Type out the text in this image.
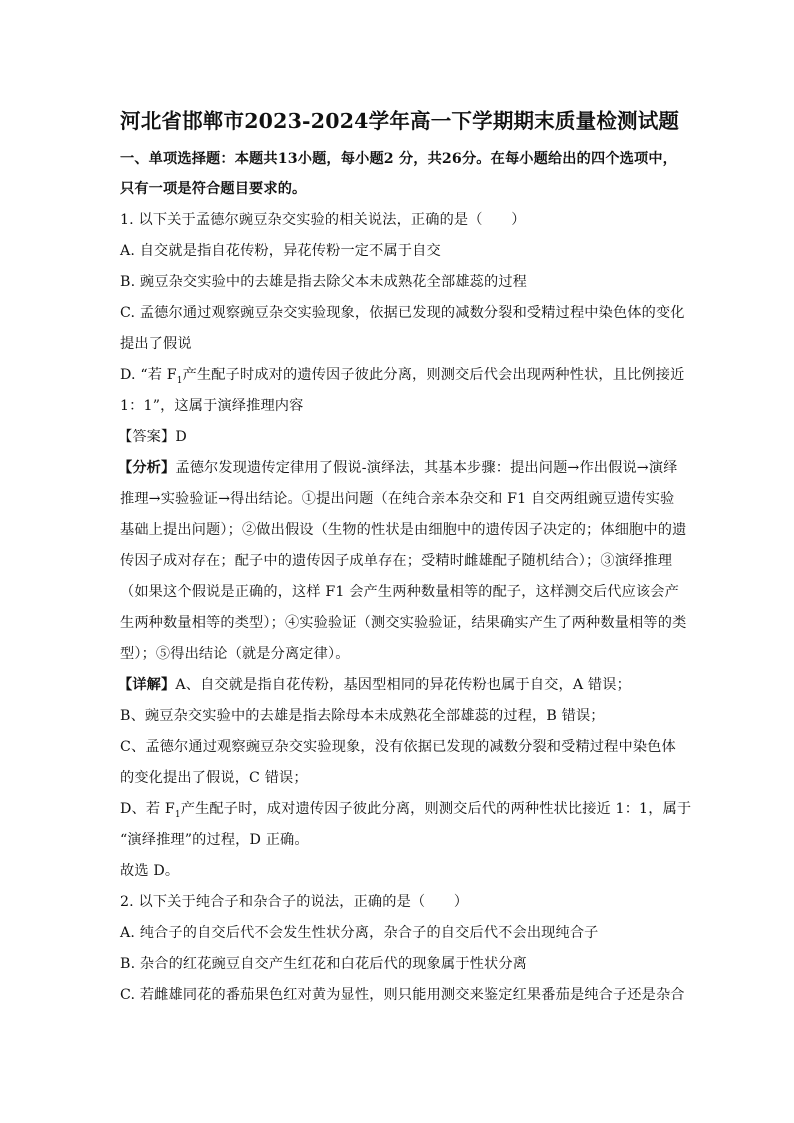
河北省邯郸市2023-2024学年高一下学期期末质量检测试题
一、单项选择题：本题共13小题，每小题2 分，共26分。在每小题给出的四个选项中，
只有一项是符合题目要求的。
1. 以下关于孟德尔豌豆杂交实验的相关说法，正确的是（　　）
A. 自交就是指自花传粉，异花传粉一定不属于自交
B. 豌豆杂交实验中的去雄是指去除父本未成熟花全部雄蕊的过程
C. 孟德尔通过观察豌豆杂交实验现象，依据已发现的减数分裂和受精过程中染色体的变化
提出了假说
D. “若 $F_1$产生配子时成对的遗传因子彼此分离，则测交后代会出现两种性状，且比例接近
1：1”，这属于演绎推理内容
【答案】D
【分析】孟德尔发现遗传定律用了假说-演绎法，其基本步骤：提出问题→作出假说→演绎
推理→实验验证→得出结论。①提出问题（在纯合亲本杂交和 F1 自交两组豌豆遗传实验
基础上提出问题）；②做出假设（生物的性状是由细胞中的遗传因子决定的；体细胞中的遗
传因子成对存在；配子中的遗传因子成单存在；受精时雌雄配子随机结合）；③演绎推理
（如果这个假说是正确的，这样 F1 会产生两种数量相等的配子，这样测交后代应该会产
生两种数量相等的类型）；④实验验证（测交实验验证，结果确实产生了两种数量相等的类
型）；⑤得出结论（就是分离定律）。
【详解】A、自交就是指自花传粉，基因型相同的异花传粉也属于自交，A 错误；
B、豌豆杂交实验中的去雄是指去除母本未成熟花全部雄蕊的过程，B 错误；
C、孟德尔通过观察豌豆杂交实验现象，没有依据已发现的减数分裂和受精过程中染色体
的变化提出了假说，C 错误；
D、若 $F_1$产生配子时，成对遗传因子彼此分离，则测交后代的两种性状比接近 1：1，属于
“演绎推理”的过程，D 正确。
故选 D。
2. 以下关于纯合子和杂合子的说法，正确的是（　　）
A. 纯合子的自交后代不会发生性状分离，杂合子的自交后代不会出现纯合子
B. 杂合的红花豌豆自交产生红花和白花后代的现象属于性状分离
C. 若雌雄同花的番茄果色红对黄为显性，则只能用测交来鉴定红果番茄是纯合子还是杂合
